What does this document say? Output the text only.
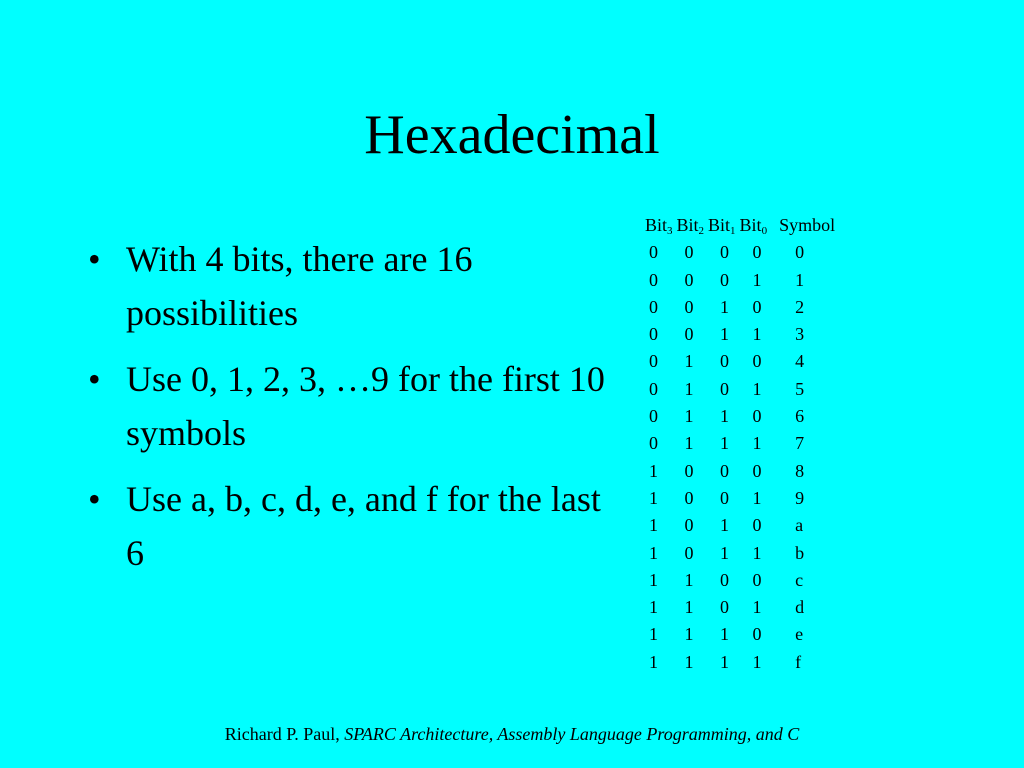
Hexadecimal
• With 4 bits, there are 16 possibilities
• Use 0, 1, 2, 3, …9 for the first 10 symbols
• Use a, b, c, d, e, and f for the last 6
Bit$_3$	Bit$_2$	Bit$_1$	Bit$_0$	Symbol
0	0	0	0	0
0	0	0	1	1
0	0	1	0	2
0	0	1	1	3
0	1	0	0	4
0	1	0	1	5
0	1	1	0	6
0	1	1	1	7
1	0	0	0	8
1	0	0	1	9
1	0	1	0	a
1	0	1	1	b
1	1	0	0	c
1	1	0	1	d
1	1	1	0	e
1	1	1	1	f
Richard P. Paul, SPARC Architecture, Assembly Language Programming, and C
